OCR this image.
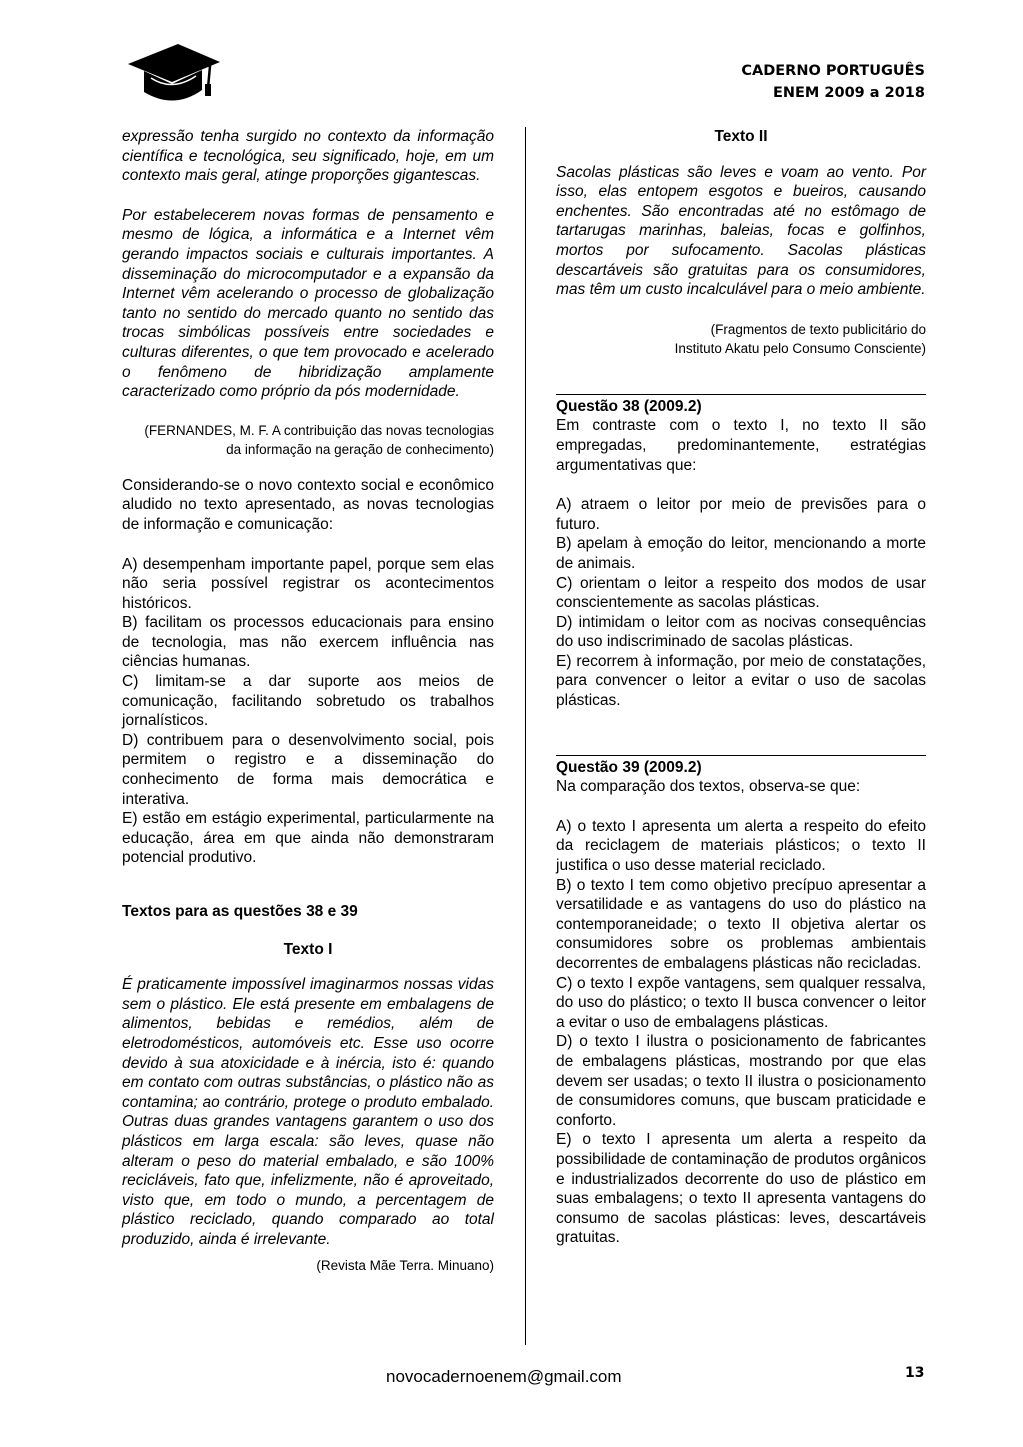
CADERNO PORTUGUÊS
ENEM 2009 a 2018

expressão tenha surgido no contexto da informação científica e tecnológica, seu significado, hoje, em um contexto mais geral, atinge proporções gigantescas.

Por estabelecerem novas formas de pensamento e mesmo de lógica, a informática e a Internet vêm gerando impactos sociais e culturais importantes. A disseminação do microcomputador e a expansão da Internet vêm acelerando o processo de globalização tanto no sentido do mercado quanto no sentido das trocas simbólicas possíveis entre sociedades e culturas diferentes, o que tem provocado e acelerado o fenômeno de hibridização amplamente caracterizado como próprio da pós modernidade.

(FERNANDES, M. F. A contribuição das novas tecnologias da informação na geração de conhecimento)

Considerando-se o novo contexto social e econômico aludido no texto apresentado, as novas tecnologias de informação e comunicação:

A) desempenham importante papel, porque sem elas não seria possível registrar os acontecimentos históricos.

B) facilitam os processos educacionais para ensino de tecnologia, mas não exercem influência nas ciências humanas.

C) limitam-se a dar suporte aos meios de comunicação, facilitando sobretudo os trabalhos jornalísticos.

D) contribuem para o desenvolvimento social, pois permitem o registro e a disseminação do conhecimento de forma mais democrática e interativa.

E) estão em estágio experimental, particularmente na educação, área em que ainda não demonstraram potencial produtivo.

Textos para as questões 38 e 39

Texto I

É praticamente impossível imaginarmos nossas vidas sem o plástico. Ele está presente em embalagens de alimentos, bebidas e remédios, além de eletrodomésticos, automóveis etc. Esse uso ocorre devido à sua atoxicidade e à inércia, isto é: quando em contato com outras substâncias, o plástico não as contamina; ao contrário, protege o produto embalado. Outras duas grandes vantagens garantem o uso dos plásticos em larga escala: são leves, quase não alteram o peso do material embalado, e são 100% recicláveis, fato que, infelizmente, não é aproveitado, visto que, em todo o mundo, a percentagem de plástico reciclado, quando comparado ao total produzido, ainda é irrelevante.

(Revista Mãe Terra. Minuano)

Texto II

Sacolas plásticas são leves e voam ao vento. Por isso, elas entopem esgotos e bueiros, causando enchentes. São encontradas até no estômago de tartarugas marinhas, baleias, focas e golfinhos, mortos por sufocamento. Sacolas plásticas descartáveis são gratuitas para os consumidores, mas têm um custo incalculável para o meio ambiente.

(Fragmentos de texto publicitário do

Instituto Akatu pelo Consumo Consciente)

Questão 38 (2009.2)

Em contraste com o texto I, no texto II são empregadas, predominantemente, estratégias argumentativas que:

A) atraem o leitor por meio de previsões para o futuro.

B) apelam à emoção do leitor, mencionando a morte de animais.

C) orientam o leitor a respeito dos modos de usar conscientemente as sacolas plásticas.

D) intimidam o leitor com as nocivas consequências do uso indiscriminado de sacolas plásticas.

E) recorrem à informação, por meio de constatações, para convencer o leitor a evitar o uso de sacolas plásticas.

Questão 39 (2009.2)

Na comparação dos textos, observa-se que:

A) o texto I apresenta um alerta a respeito do efeito da reciclagem de materiais plásticos; o texto II justifica o uso desse material reciclado.

B) o texto I tem como objetivo precípuo apresentar a versatilidade e as vantagens do uso do plástico na contemporaneidade; o texto II objetiva alertar os consumidores sobre os problemas ambientais decorrentes de embalagens plásticas não recicladas.

C) o texto I expõe vantagens, sem qualquer ressalva, do uso do plástico; o texto II busca convencer o leitor a evitar o uso de embalagens plásticas.

D) o texto I ilustra o posicionamento de fabricantes de embalagens plásticas, mostrando por que elas devem ser usadas; o texto II ilustra o posicionamento de consumidores comuns, que buscam praticidade e conforto.

E) o texto I apresenta um alerta a respeito da possibilidade de contaminação de produtos orgânicos e industrializados decorrente do uso de plástico em suas embalagens; o texto II apresenta vantagens do consumo de sacolas plásticas: leves, descartáveis gratuitas.

novocadernoenem@gmail.com	13
